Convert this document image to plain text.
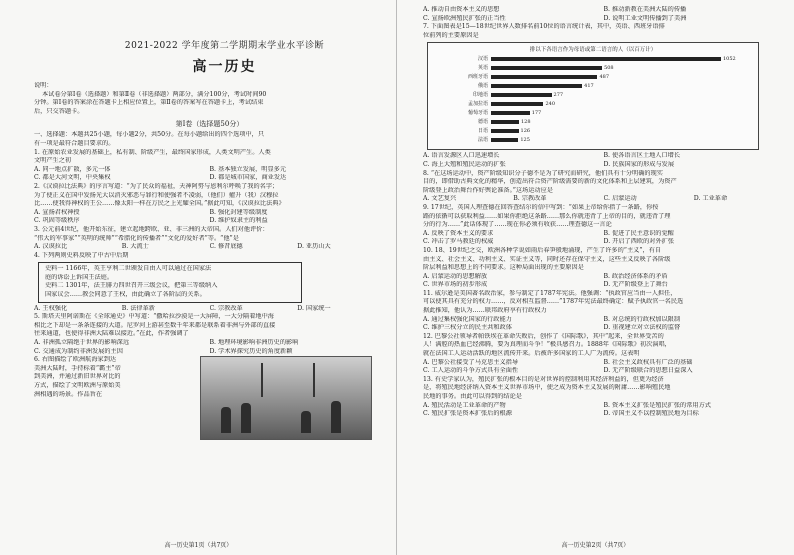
2021-2022 学年度第二学期期末学业水平诊断
高一历史
说明：
本试卷分第Ⅰ卷（选择题）和第Ⅱ卷（非选择题）两部分，满分100分，考试时间90
分钟。第Ⅰ卷的答案涂在答题卡上相应位置上，第Ⅱ卷的答案写在答题卡上，考试结束
后，只交答题卡。
第Ⅰ卷（选择题50分）
一、选择题：本题共25小题，每小题2分，共50分。在每小题给出的四个选项中，只
有一项是最符合题目要求的。
1. 在原始农业发展的基础上，私有制、阶级产生，最终国家形成，人类文明产生。人类
文明产生之初
A. 同一地点扩散，多元一体	B. 基本独立发展，明显多元
C. 都是大河文明，中央集权	D. 都是城市国家，商业发达
2.《汉谟拉比法典》的序言写道：“为了民众的福祉，天神阿努与恩利尔呼唤了我的名字；
为了使正义在国中发扬光大以消灭邪恶与罪行和使强者不凌弱，（他们）擢升（我）汉穆拉
比……使我得神权的王公……像太阳一样在万民之上光耀全国。”据此可知，《汉谟拉比法典》
A. 宣扬君权神授	B. 强化封建等级制度
C. 巩固等级秩序	D. 维护奴隶主的利益
3. 公元前4世纪，他开始东征，建立起地跨欧、亚、非三洲的大帝国。人们对他评价：
“伟大的军事家”“英明的统帅”“希腊化的传播者”“文化的爱好者”等。“他”是
A. 汉谟拉比	B. 大流士	C. 修昔底德	D. 亚历山大
4. 下列两则史料反映了中古中后期
史料一 1166年，英王亨利二世颁发自由人可以通过在国家法
庭的诉讼上诉国王法庭。
史料二 1301年，法王腓力四世召开三级会议，把第三等级纳入
国家议会……教会同意了王权，由此确立了各阶层的关系。
A. 王权强化	B. 法律革新	C. 宗教改革	D. 国家统一
5. 斯塔夫里阿诺斯在《全球通史》中写道：“撒哈拉沙漠是一大屏障，一大分隔着地中海
相比之下却是一条条连接的大道。尼罗河上游甚至数千年来都是联系着非洲与外部的直接
往来通道，也使得非洲大陆难以接近。”在此，作者强调了
A. 非洲孤立隔绝于世界的影响深远	B. 地理环境影响非洲历史的影响
C. 交通成为制约非洲发展的主因	D. 学术界探究历史的角度新颖
6. 右图描绘了欧洲航海家到达
美洲大陆时，手持标着“霸主”帝
到美洲，并通过新旧世界对比的
方式，描绘了文明欧洲与原始美
洲相遇的场景。作品旨在
高一历史第1页（共7页）
A. 推动自由资本主义的思想	B. 推动新教在美洲大陆的传播
C. 宣扬欧洲殖民扩张的正当性	D. 说明工业文明传播到了美洲
7. 下面图表是15—18世纪世界人数排名前10位的语言统计表，其中，英语、西班牙语排
位前列的主要原因是
排以下各语言作为母语或第二语言的人（以百万计）
汉语	1052
英语	508
西班牙语	487
俄语	417
印地语	277
孟加拉语	240
葡萄牙语	177
德语	128
日语	126
法语	125
A. 语言发源区人口迅速增长	B. 使各语言区土地人口增长
C. 海上大殖和殖民运动的扩张	D. 民族国家的形成与发展
8. “在这场运动中，资产阶级知识分子德不是为了研究而研究，他们具有十分明确的现实
目的，即借助古典文化的精华，创造出符合资产阶级需要的新的文化体系和上层建筑，为资产
阶级登上政治舞台作好舆论准备。”这场运动应是
A. 文艺复兴	B. 宗教改革	C. 启蒙运动	D. 工业革命
9. 17世纪，英国人理查德在回答查结尔的信中写到：“如果上帝给你指了一条路，你按
路的依循可以获取利益……如果你拒绝这条路……那么你就违背了上帝的目的，就违背了理
分的行为……”此话体现了……现在你必须有收获……理查德这一言论
A. 反映了资本主义的要求	B. 促进了民主意识的觉醒
C. 冲击了罗马教廷的权威	D. 开启了西欧的对外扩张
10. 18、19世纪之交，欧洲各种学说如雨后春笋般地涌现，产生了许多的“主义”，有自
由主义、社会主义、功利主义、实证主义等，同时还存在保守主义，这些主义反映了各阶级
阶层利益和思想上的不同要求。这种局面出现的主要原因是
A. 启蒙运动的思想解放	B. 政治经济体系的矛盾
C. 世界市场的初步形成	D. 无产阶级登上了舞台
11. 威尔逊是美国著名政治家，参与制定了1787年宪法。他强调：“执政官应当由一人担任，
可以使其具有充分的权力……，反对相互监督……”1787年宪法最终确定：赋予执政官一名民选
据此推知，他认为……联邦政府享有行政权力
A. 通过集权强化国家的行政能力	B. 对总统的行政权加以限制
C. 维护三权分立的民主共和政体	D. 重视建立对立法权的监督
12. 巴黎公社领导者帕铁埃在革命失败后，创作了《国际歌》，其中“起来，全世界受苦的
人！满腔的热血已经沸腾，要为真理而斗争！”极具感召力。1888年《国际歌》初次演唱，
就在法国工人运动活跃的地区流传开来。后被许多国家的工人广为流传。这表明
A. 巴黎公社接受了马克思主义指导	B. 社会主义政权具有广泛的基础
C. 工人运动的斗争方式具有全面性	D. 无产阶级联合的思想日益深入
13. 有史学家认为，殖民扩张的根本目的是对世界的控制利用其经济利益的，但更为经济
是，将殖民地经济纳入资本主义世界市场中，使之成为资本主义发展的附庸……影响殖民地
民地的事务。由此可以得到的结论是
A. 殖民活动是工业革命的产物	B. 资本主义扩张是殖民扩张的常用方式
C. 殖民扩张是资本扩张后的根源	D. 帝国主义不以控制殖民地为目标
高一历史第2页（共7页）
